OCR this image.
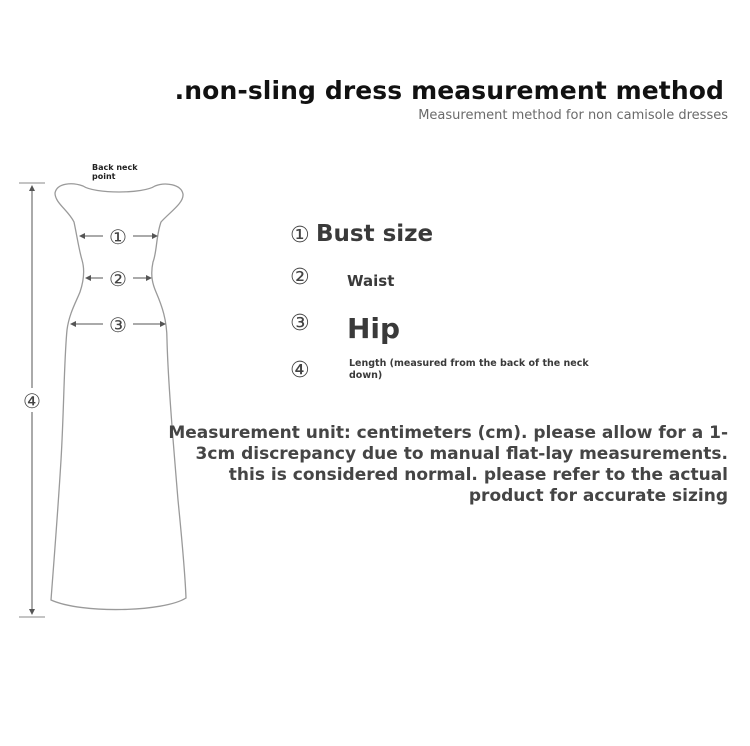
.non-sling dress measurement method
Measurement method for non camisole dresses
Back neck point
④
①
②
③
① Bust size
② Waist
③ Hip
④	Length (measured from the back of the neck down)
Measurement unit: centimeters (cm). please allow for a 1-3cm discrepancy due to manual flat-lay measurements. this is considered normal. please refer to the actual product for accurate sizing
